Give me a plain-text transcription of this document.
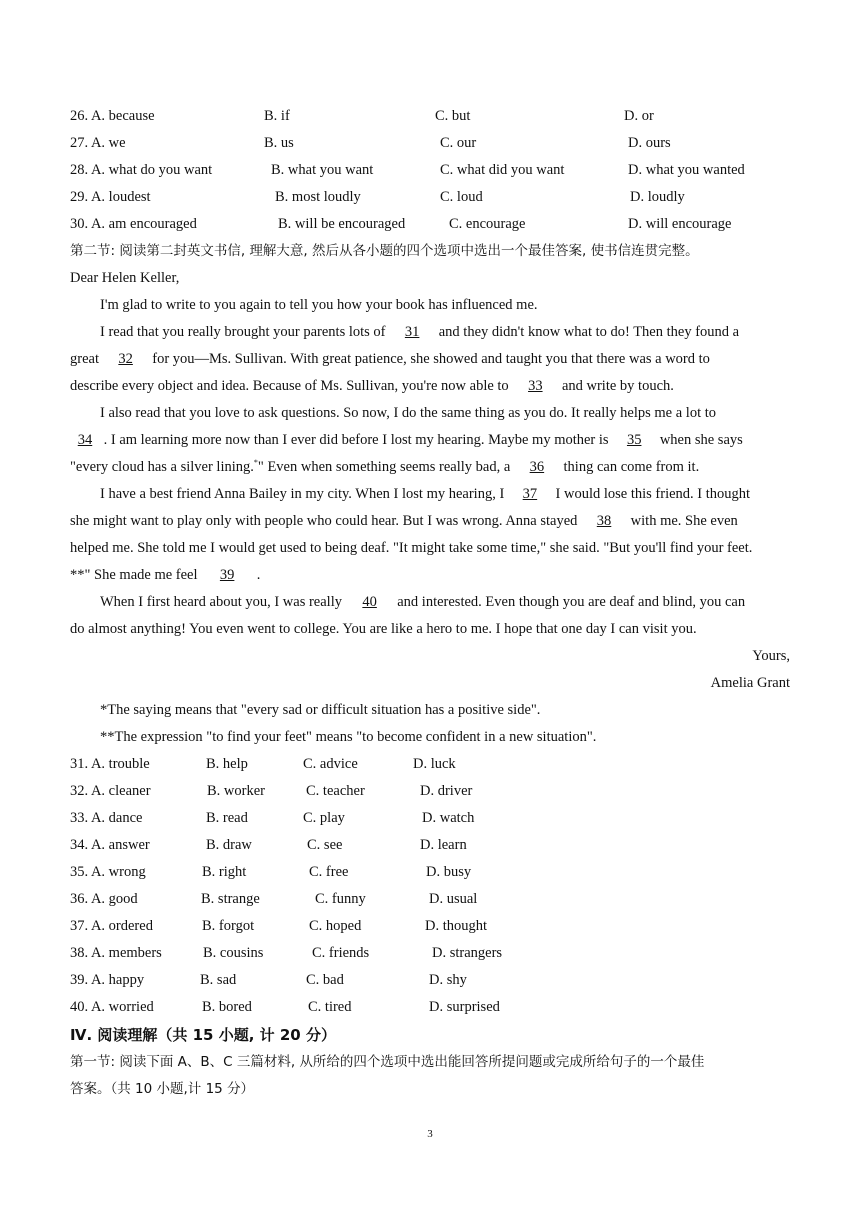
26. A. because	B. if	C. but	D. or
27. A. we	B. us	C. our	D. ours
28. A. what do you want	B. what you want	C. what did you want	D. what you wanted
29. A. loudest	B. most loudly	C. loud	D. loudly
30. A. am encouraged	B. will be encouraged	C. encourage	D. will encourage
第二节: 阅读第二封英文书信, 理解大意, 然后从各小题的四个选项中选出一个最佳答案, 使书信连贯完整。
Dear Helen Keller,
I'm glad to write to you again to tell you how your book has influenced me.
I read that you really brought your parents lots of 31 and they didn't know what to do! Then they found a
great 32 for you—Ms. Sullivan. With great patience, she showed and taught you that there was a word to
describe every object and idea. Because of Ms. Sullivan, you're now able to 33 and write by touch.
I also read that you love to ask questions. So now, I do the same thing as you do. It really helps me a lot to
34 . I am learning more now than I ever did before I lost my hearing. Maybe my mother is 35 when she says
"every cloud has a silver lining.*" Even when something seems really bad, a 36 thing can come from it.
I have a best friend Anna Bailey in my city. When I lost my hearing, I 37 I would lose this friend. I thought
she might want to play only with people who could hear. But I was wrong. Anna stayed 38 with me. She even
helped me. She told me I would get used to being deaf. "It might take some time," she said. "But you'll find your feet.
**" She made me feel 39 .
When I first heard about you, I was really 40 and interested. Even though you are deaf and blind, you can
do almost anything! You even went to college. You are like a hero to me. I hope that one day I can visit you.
Yours,
Amelia Grant
*The saying means that "every sad or difficult situation has a positive side".
**The expression "to find your feet" means "to become confident in a new situation".
31. A. trouble	B. help	C. advice	D. luck
32. A. cleaner	B. worker	C. teacher	D. driver
33. A. dance	B. read	C. play	D. watch
34. A. answer	B. draw	C. see	D. learn
35. A. wrong	B. right	C. free	D. busy
36. A. good	B. strange	C. funny	D. usual
37. A. ordered	B. forgot	C. hoped	D. thought
38. A. members	B. cousins	C. friends	D. strangers
39. A. happy	B. sad	C. bad	D. shy
40. A. worried	B. bored	C. tired	D. surprised
Ⅳ. 阅读理解（共 15 小题, 计 20 分）
第一节: 阅读下面 A、B、C 三篇材料, 从所给的四个选项中选出能回答所提问题或完成所给句子的一个最佳
答案。（共 10 小题,计 15 分）
3
